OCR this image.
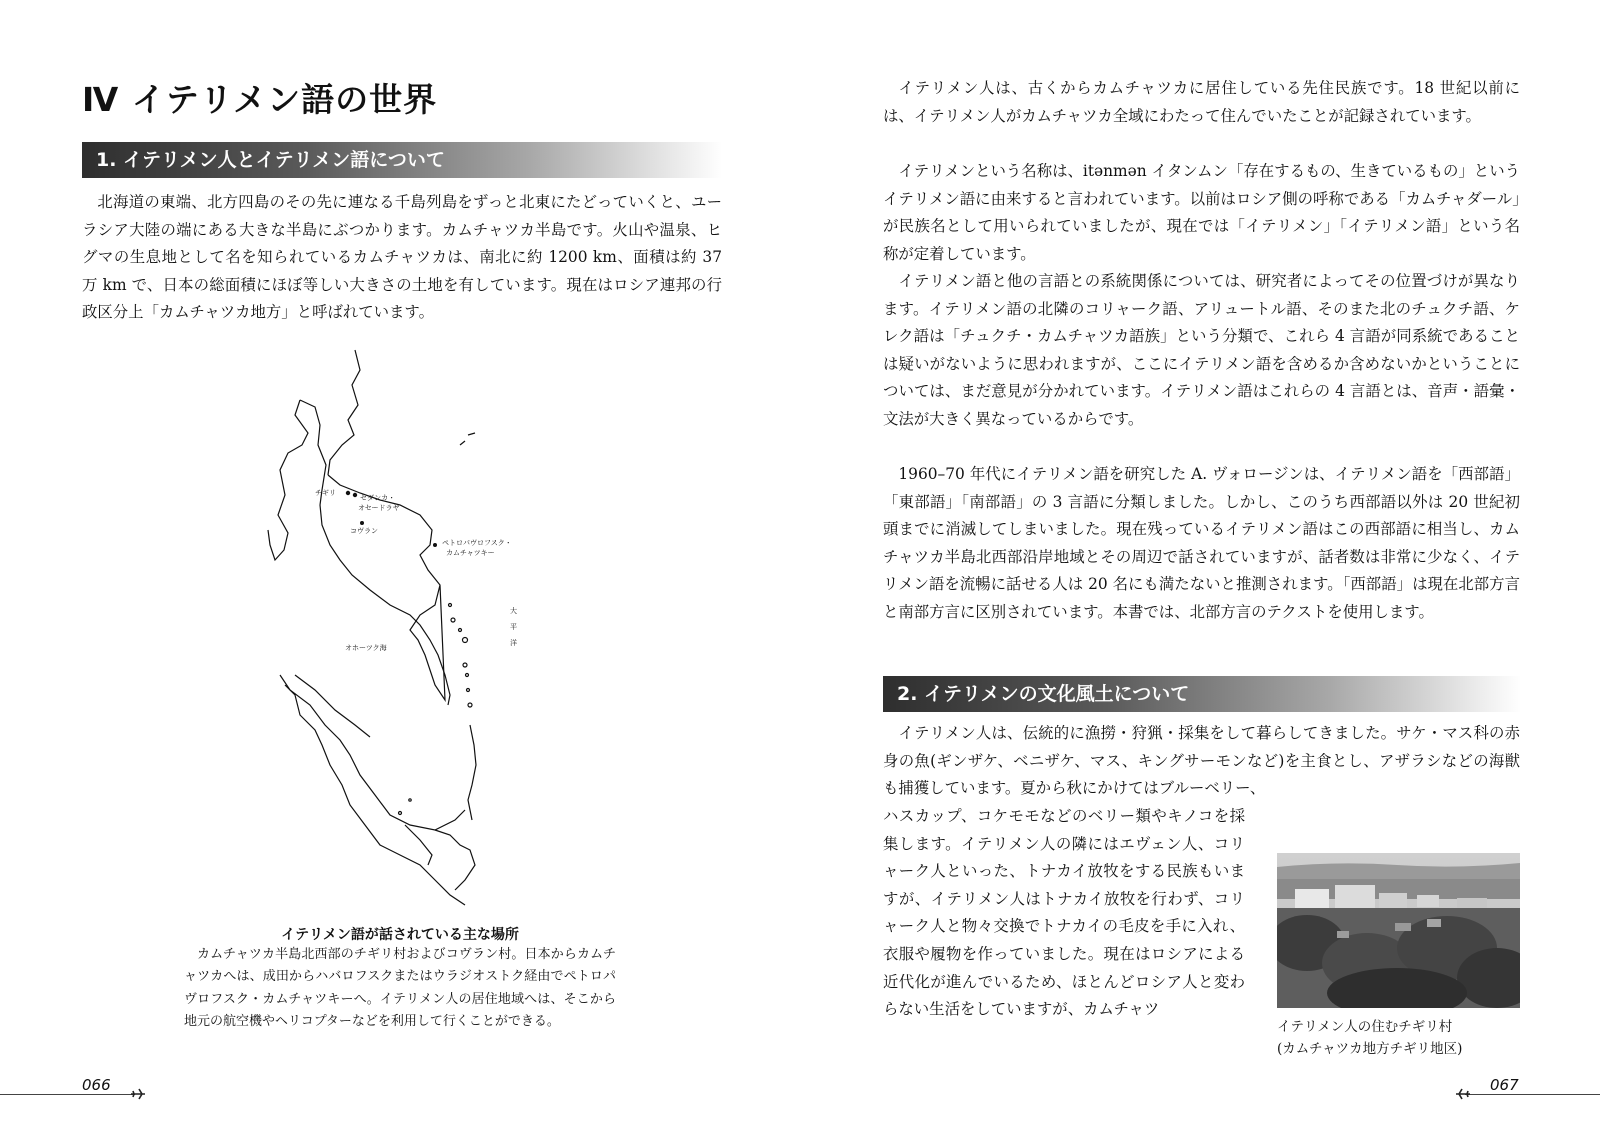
Ⅳ イテリメン語の世界
1. イテリメン人とイテリメン語について

北海道の東端、北方四島のその先に連なる千島列島をずっと北東にたどっていくと、ユーラシア大陸の端にある大きな半島にぶつかります。カムチャツカ半島です。火山や温泉、ヒグマの生息地として名を知られているカムチャツカは、南北に約 1200 km、面積は約 37 万 km で、日本の総面積にほぼ等しい大きさの土地を有しています。現在はロシア連邦の行政区分上「カムチャツカ地方」と呼ばれています。

チギリ
セダンカ・
オセードラヤ
コヴラン
ペトロパヴロフスク・
カムチャツキー
オホーツク海
大
平
洋
イテリメン語が話されている主な場所
カムチャツカ半島北西部のチギリ村およびコヴラン村。日本からカムチャツカへは、成田からハバロフスクまたはウラジオストク経由でペトロパヴロフスク・カムチャツキーへ。イテリメン人の居住地域へは、そこから地元の航空機やヘリコプターなどを利用して行くことができる。
066

イテリメン人は、古くからカムチャツカに居住している先住民族です。18 世紀以前には、イテリメン人がカムチャツカ全域にわたって住んでいたことが記録されています。

イテリメンという名称は、itənmən イタンムン「存在するもの、生きているもの」というイテリメン語に由来すると言われています。以前はロシア側の呼称である「カムチャダール」が民族名として用いられていましたが、現在では「イテリメン」「イテリメン語」という名称が定着しています。

イテリメン語と他の言語との系統関係については、研究者によってその位置づけが異なります。イテリメン語の北隣のコリャーク語、アリュートル語、そのまた北のチュクチ語、ケレク語は「チュクチ・カムチャツカ語族」という分類で、これら 4 言語が同系統であることは疑いがないように思われますが、ここにイテリメン語を含めるか含めないかということについては、まだ意見が分かれています。イテリメン語はこれらの 4 言語とは、音声・語彙・文法が大きく異なっているからです。

1960–70 年代にイテリメン語を研究した A. ヴォロージンは、イテリメン語を「西部語」「東部語」「南部語」の 3 言語に分類しました。しかし、このうち西部語以外は 20 世紀初頭までに消滅してしまいました。現在残っているイテリメン語はこの西部語に相当し、カムチャツカ半島北西部沿岸地域とその周辺で話されていますが、話者数は非常に少なく、イテリメン語を流暢に話せる人は 20 名にも満たないと推測されます。「西部語」は現在北部方言と南部方言に区別されています。本書では、北部方言のテクストを使用します。

2. イテリメンの文化風土について

イテリメン人は、伝統的に漁撈・狩猟・採集をして暮らしてきました。サケ・マス科の赤身の魚(ギンザケ、ベニザケ、マス、キングサーモンなど)を主食とし、アザラシなどの海獣も捕獲しています。夏から秋にかけてはブルーベリー、

ハスカップ、コケモモなどのベリー類やキノコを採集します。イテリメン人の隣にはエヴェン人、コリャーク人といった、トナカイ放牧をする民族もいますが、イテリメン人はトナカイ放牧を行わず、コリャーク人と物々交換でトナカイの毛皮を手に入れ、衣服や履物を作っていました。現在はロシアによる近代化が進んでいるため、ほとんどロシア人と変わらない生活をしていますが、カムチャツ

イテリメン人の住むチギリ村
(カムチャツカ地方チギリ地区)
067
